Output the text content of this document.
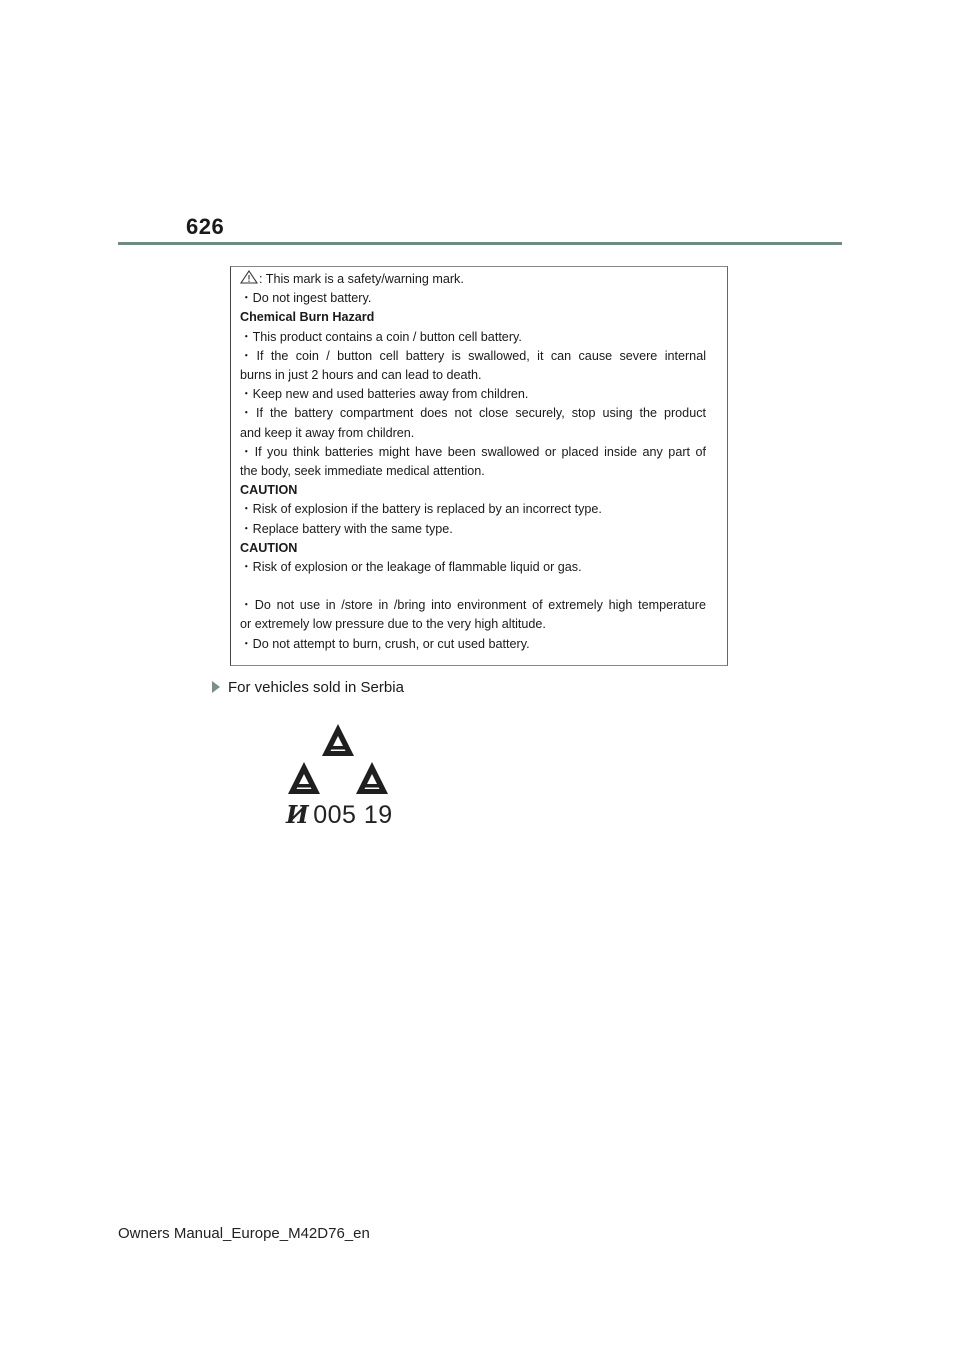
626
: This mark is a safety/warning mark.
・Do not ingest battery.
Chemical Burn Hazard
・This product contains a coin / button cell battery.
・If the coin / button cell battery is swallowed, it can cause severe internal
burns in just 2 hours and can lead to death.
・Keep new and used batteries away from children.
・If the battery compartment does not close securely, stop using the product
and keep it away from children.
・If you think batteries might have been swallowed or placed inside any part of
the body, seek immediate medical attention.
CAUTION
・Risk of explosion if the battery is replaced by an incorrect type.
・Replace battery with the same type.
CAUTION
・Risk of explosion or the leakage of flammable liquid or gas.
・Do not use in /store in /bring into environment of extremely high temperature
or extremely low pressure due to the very high altitude.
・Do not attempt to burn, crush, or cut used battery.
For vehicles sold in Serbia
И 005 19
Owners Manual_Europe_M42D76_en
